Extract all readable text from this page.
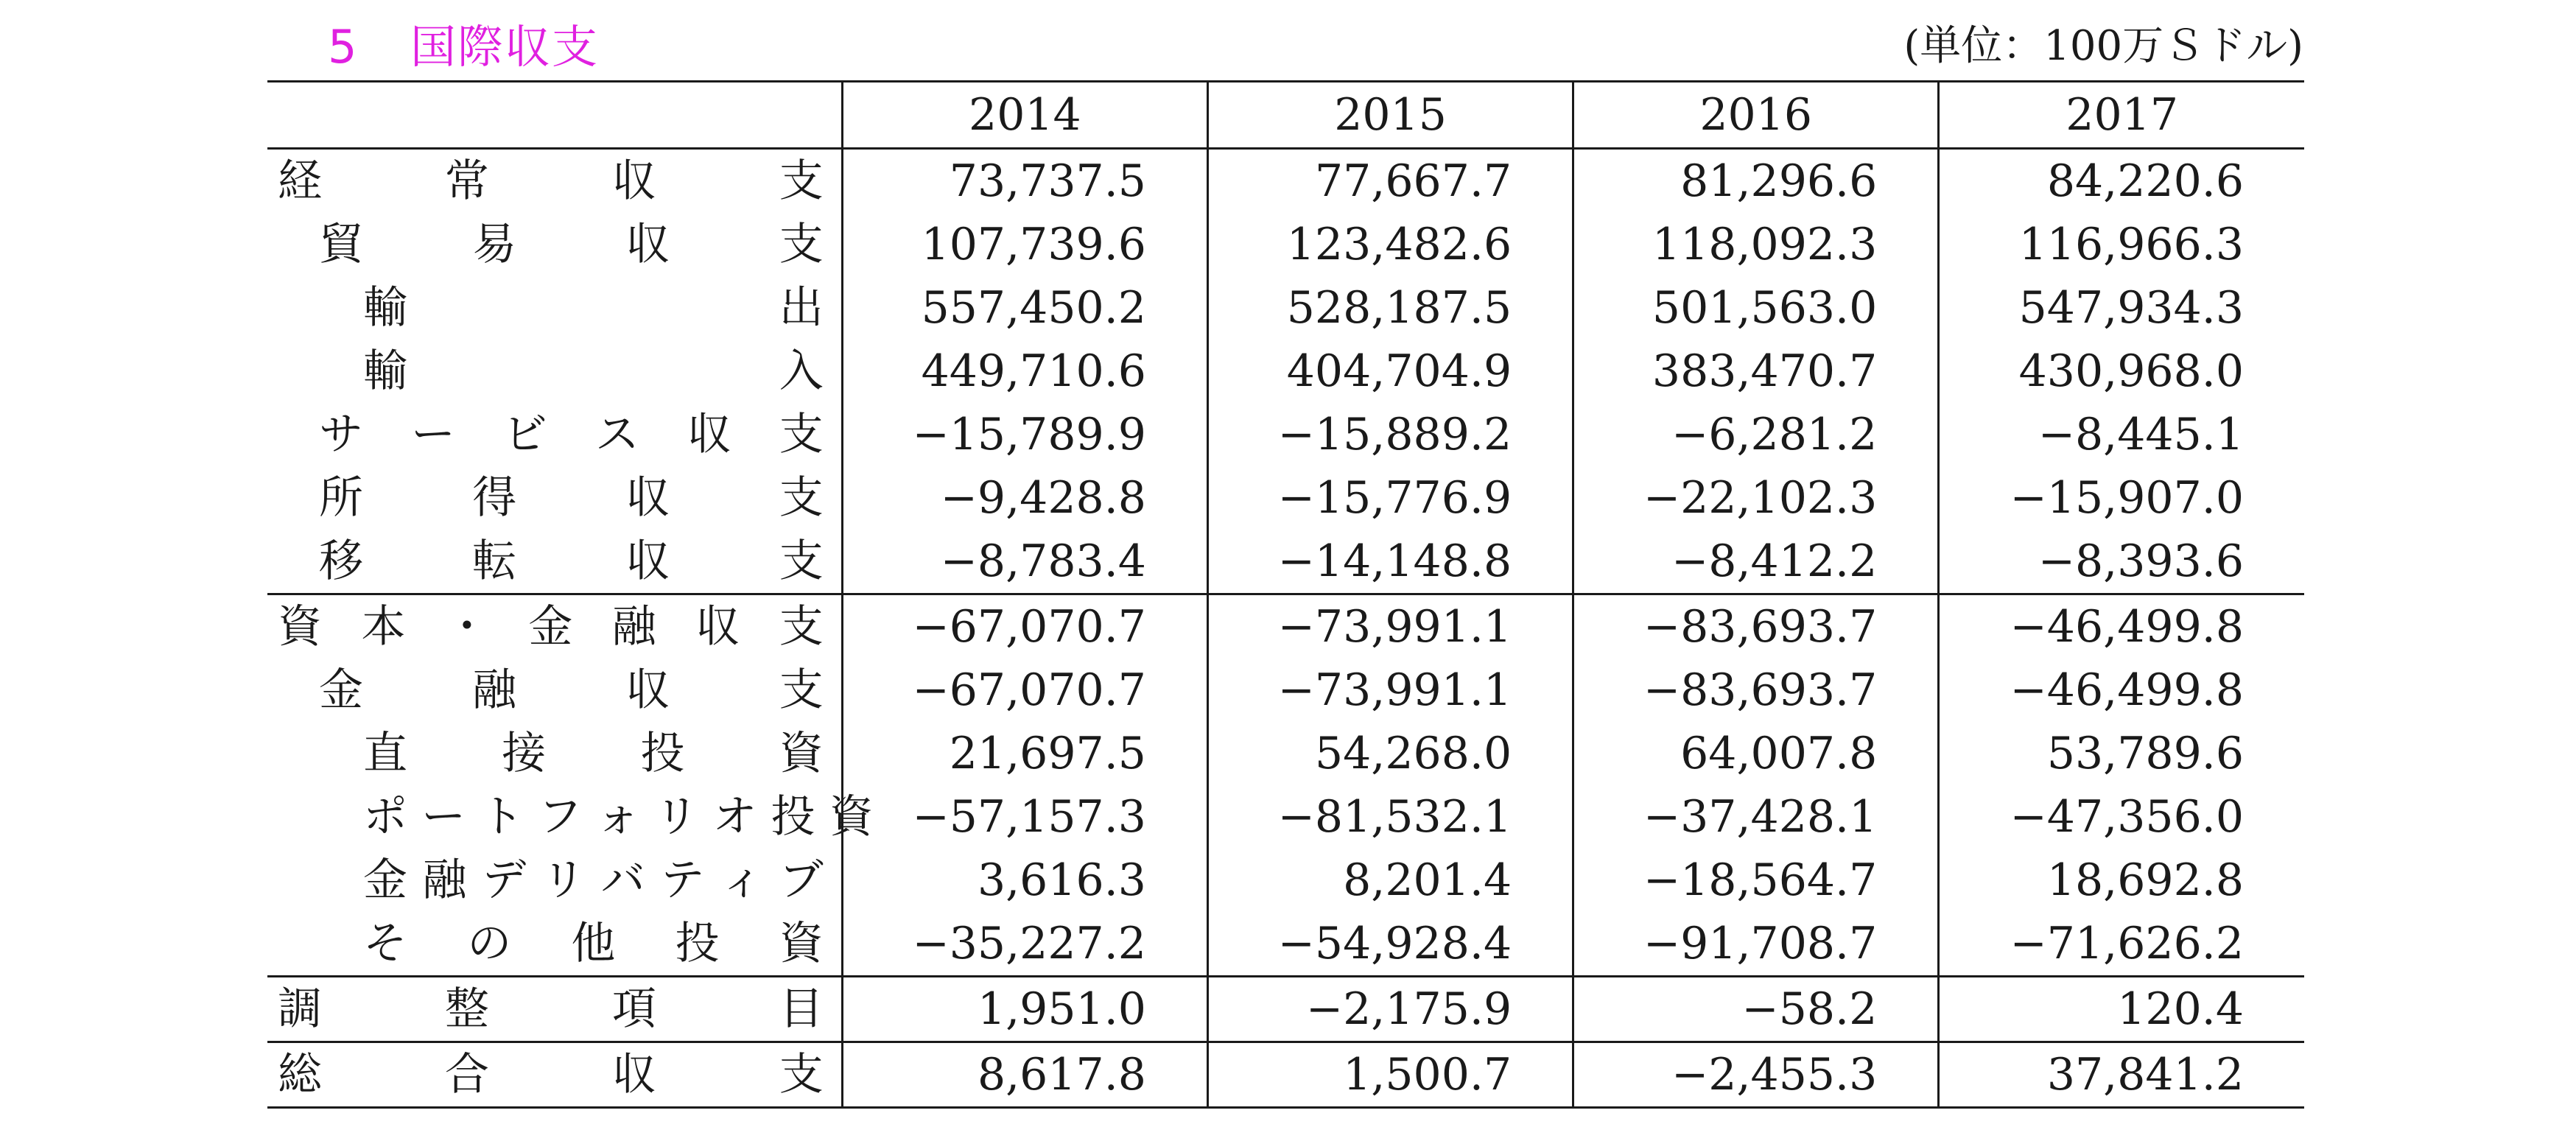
5 国際収支	(単位：100万Ｓドル)
	2014	2015	2016	2017

経 常 収 支	73,737.5	77,667.7	81,296.6	84,220.6

貿 易 収 支	107,739.6	123,482.6	118,092.3	116,966.3

輸 出	557,450.2	528,187.5	501,563.0	547,934.3

輸 入	449,710.6	404,704.9	383,470.7	430,968.0

サ ー ビ ス 収 支	−15,789.9	−15,889.2	−6,281.2	−8,445.1

所 得 収 支	−9,428.8	−15,776.9	−22,102.3	−15,907.0

移 転 収 支	−8,783.4	−14,148.8	−8,412.2	−8,393.6

資 本 ・ 金 融 収 支	−67,070.7	−73,991.1	−83,693.7	−46,499.8

金 融 収 支	−67,070.7	−73,991.1	−83,693.7	−46,499.8

直 接 投 資	21,697.5	54,268.0	64,007.8	53,789.6

ポ ー ト フ ォ リ オ 投 資	−57,157.3	−81,532.1	−37,428.1	−47,356.0

金 融 デ リ バ テ ィ ブ	3,616.3	8,201.4	−18,564.7	18,692.8

そ の 他 投 資	−35,227.2	−54,928.4	−91,708.7	−71,626.2

調 整 項 目	1,951.0	−2,175.9	−58.2	120.4

総 合 収 支	8,617.8	1,500.7	−2,455.3	37,841.2
